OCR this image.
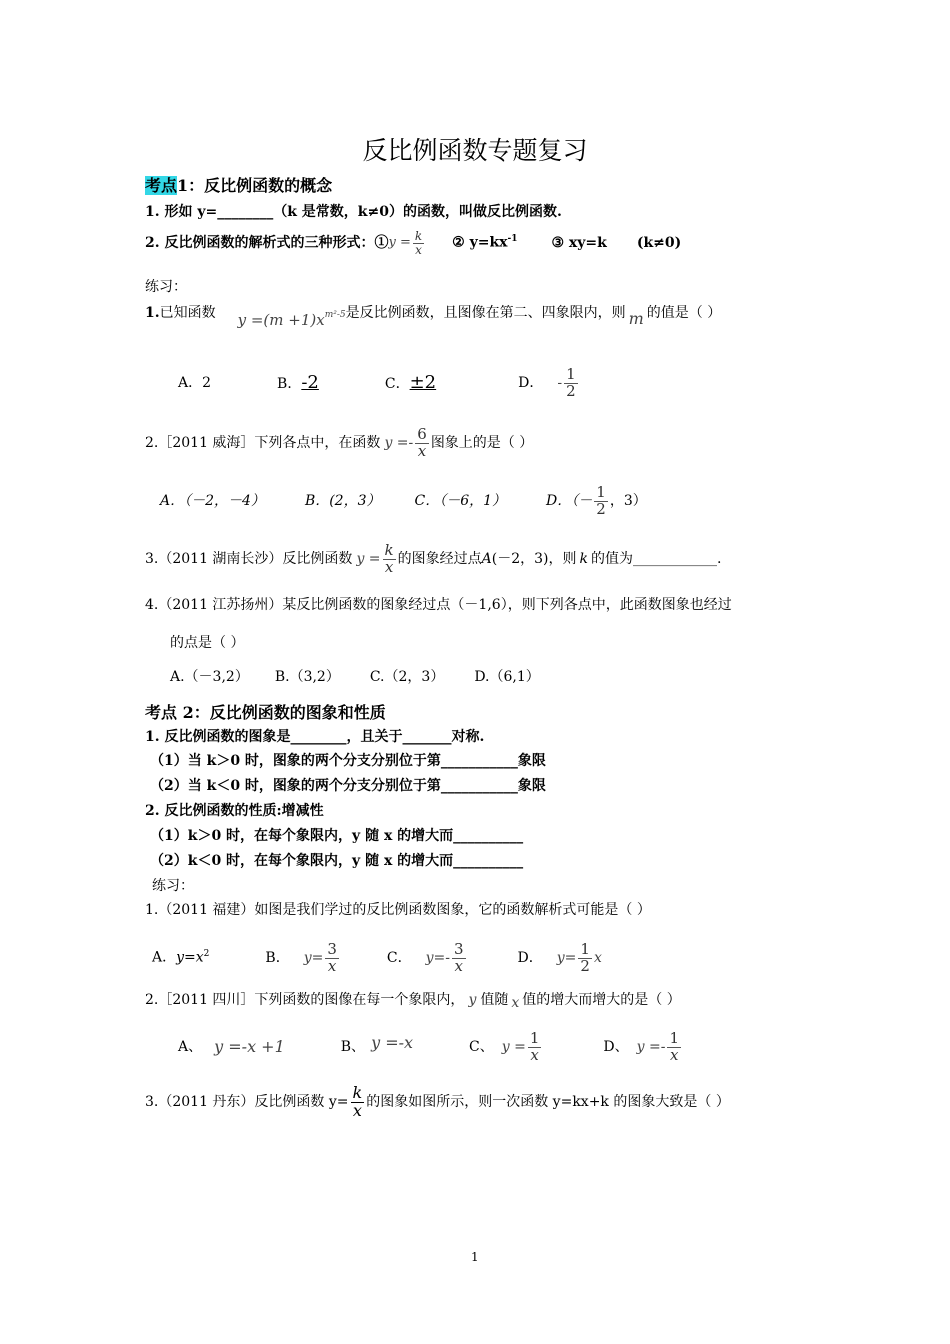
反比例函数专题复习
考点1：反比例函数的概念
1. 形如 y=________（k 是常数，k≠0）的函数，叫做反比例函数.
2. 反比例函数的解析式的三种形式：① $y = \frac{k}{x}$ ② $y=kx^{-1}$ ③ xy=k (k≠0)
练习：
1. 已知函数 $y =(m +1)x^{m^2-5}$ 是反比例函数，且图像在第二、四象限内，则 m 的值是（ ）
A．2	B．-2	C．±2	D． - $\frac{1}{2}$
2.［2011 威海］下列各点中，在函数 $y =- \frac{6}{x}$ 图象上的是（ ）
A．（－2，－4）	B．(2，3） C．（－6，1）	D．（－ $\frac{1}{2}$ ，3）
3.（2011 湖南长沙）反比例函数 $y = \frac{k}{x}$ 的图象经过点 A (－2，3)，则 k 的值为____________.
4.（2011 江苏扬州）某反比例函数的图象经过点（－1,6），则下列各点中，此函数图象也经过
的点是（ ）
A.（－3,2） B.（3,2） C.（2，3） D.（6,1）
考点 2：反比例函数的图象和性质
1. 反比例函数的图象是________，且关于_______对称.
（1）当 k＞0 时，图象的两个分支分别位于第___________象限
（2）当 k＜0 时，图象的两个分支分别位于第___________象限
2. 反比例函数的性质:增减性
（1）k＞0 时，在每个象限内，y 随 x 的增大而__________
（2）k＜0 时，在每个象限内，y 随 x 的增大而__________
练习：
1.（2011 福建）如图是我们学过的反比例函数图象，它的函数解析式可能是（ ）
A．$y=x^2$	B． $y= \frac{3}{x}$	C． $y=- \frac{3}{x}$	D． $y= \frac{1}{2}$ x
2.［2011 四川］下列函数的图像在每一个象限内， y 值随 x 值的增大而增大的是（ ）
A、 y =-x +1	B、 y =-x	C、 $y = \frac{1}{x}$	D、 $y =- \frac{1}{x}$
3.（2011 丹东）反比例函数 $y= \frac{k}{x}$ 的图象如图所示，则一次函数 y=kx+k 的图象大致是（ ）
1
